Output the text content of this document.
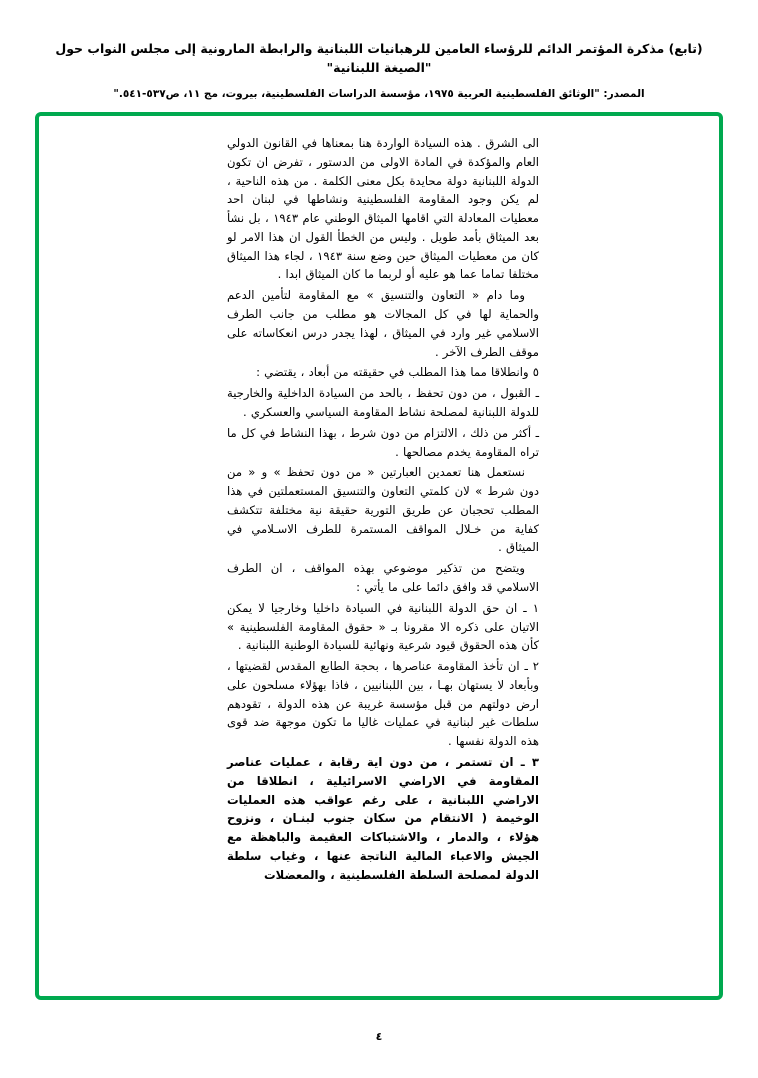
(تابع) مذكرة المؤتمر الدائم للرؤساء العامين للرهبانيات اللبنانية والرابطة المارونية إلى مجلس النواب حول "الصيغة اللبنانية"
المصدر: "الوثائق الفلسطينية العربية ١٩٧٥، مؤسسة الدراسات الفلسطينية، بيروت، مج ١١، ص٥٣٧-٥٤١."

الى الشرق . هذه السيادة الواردة هنا بمعناها في القانون الدولي العام والمؤكدة في المادة الاولى من الدستور ، تفرض ان تكون الدولة اللبنانية دولة محايدة بكل معنى الكلمة . من هذه الناحية ، لم يكن وجود المقاومة الفلسطينية ونشاطها في لبنان احد معطيات المعادلة التي اقامها الميثاق الوطني عام ١٩٤٣ ، بل نشأ بعد الميثاق بأمد طويل . وليس من الخطأ القول ان هذا الامر لو كان من معطيات الميثاق حين وضع سنة ١٩٤٣ ، لجاء هذا الميثاق مختلفا تماما عما هو عليه أو لربما ما كان الميثاق ابدا .

وما دام « التعاون والتنسيق » مع المقاومة لتأمين الدعم والحماية لها في كل المجالات هو مطلب من جانب الطرف الاسلامي غير وارد في الميثاق ، لهذا يجدر درس انعكاساته على موقف الطرف الآخر .

٥ وانطلاقا مما هذا المطلب في حقيقته من أبعاد ، يقتضي :

ـ القبول ، من دون تحفظ ، بالحد من السيادة الداخلية والخارجية للدولة اللبنانية لمصلحة نشاط المقاومة السياسي والعسكري .

ـ أكثر من ذلك ، الالتزام من دون شرط ، بهذا النشاط في كل ما تراه المقاومة يخدم مصالحها .

نستعمل هنا تعمدين العبارتين « من دون تحفظ » و « من دون شرط » لان كلمتي التعاون والتنسيق المستعملتين في هذا المطلب تحجبان عن طريق التورية حقيقة نية مختلفة تتكشف كفاية من خـلال المواقف المستمرة للطرف الاسـلامي في الميثاق .

ويتضح من تذكير موضوعي بهذه المواقف ، ان الطرف الاسلامي قد وافق دائما على ما يأتي :

١ ـ ان حق الدولة اللبنانية في السيادة داخليا وخارجيا لا يمكن الاتيان على ذكره الا مقرونا بـ « حقوق المقاومة الفلسطينية » كأن هذه الحقوق قيود شرعية ونهائية للسيادة الوطنية اللبنانية .

٢ ـ ان تأخذ المقاومة عناصرها ، بحجة الطابع المقدس لقضيتها ، وبأبعاد لا يستهان بهـا ، بين اللبنانيين ، فاذا بهؤلاء مسلحون على ارض دولتهم من قبل مؤسسة غريبة عن هذه الدولة ، تقودهم سلطات غير لبنانية في عمليات غاليا ما تكون موجهة ضد قوى هذه الدولة نفسها .

٣ ـ ان تستمر ، من دون اية رقابة ، عمليات عناصر المقاومة في الاراضي الاسرائيلية ، انطلاقا من الاراضي اللبنانية ، على رغم عواقب هذه العمليات الوخيمة ( الانتقام من سكان جنوب لبنـان ، ونزوح هؤلاء ، والدمار ، والاشتباكات العقيمة والباهظة مع الجيش والاعباء المالية الناتجة عنها ، وغياب سلطة الدولة لمصلحة السلطة الفلسطينية ، والمعضلات

٤
